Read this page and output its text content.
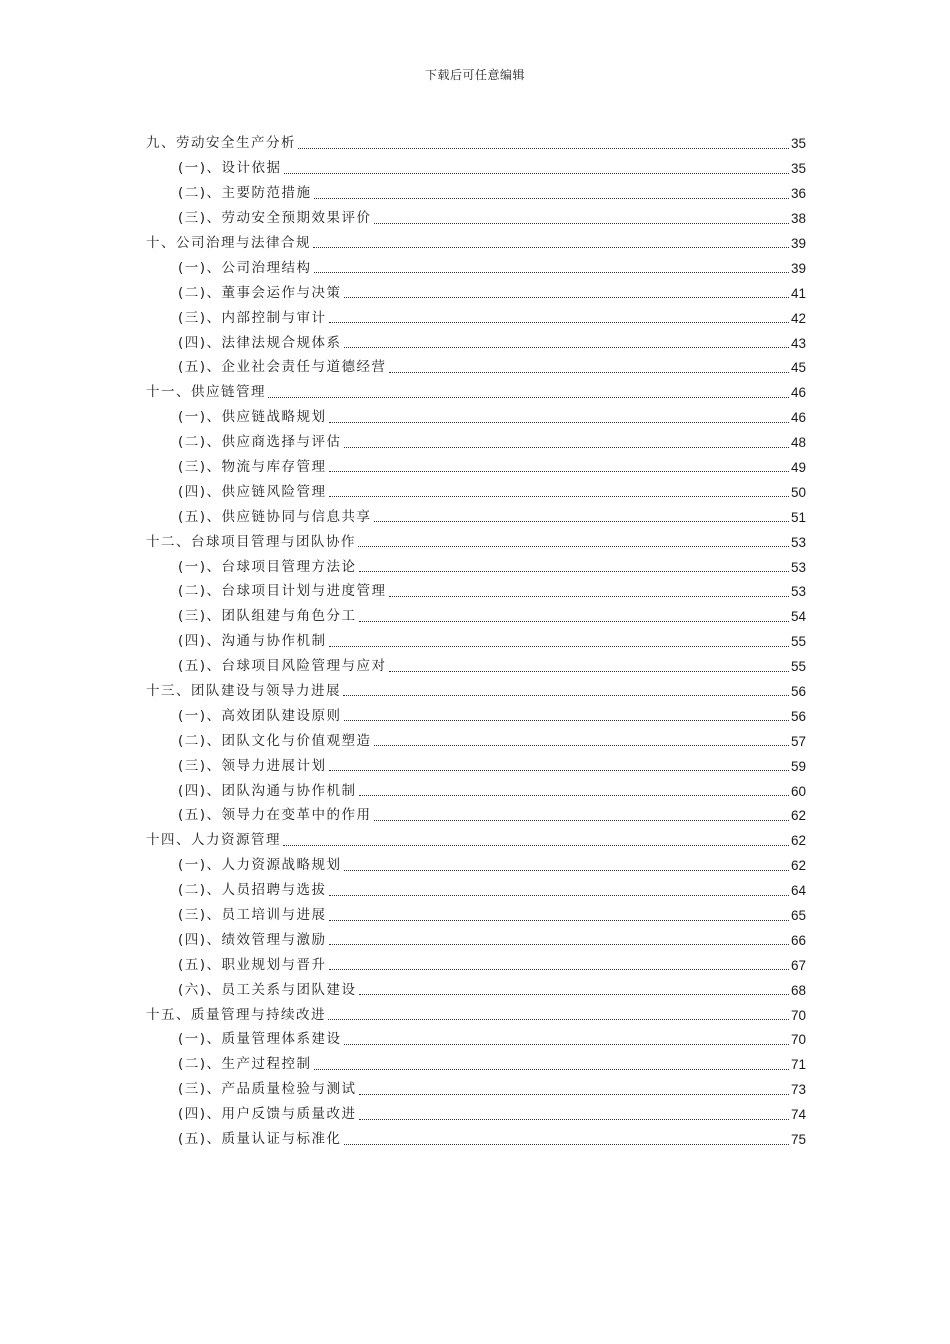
下载后可任意编辑
九、劳动安全生产分析	35
(一)、设计依据	35
(二)、主要防范措施	36
(三)、劳动安全预期效果评价	38
十、公司治理与法律合规	39
(一)、公司治理结构	39
(二)、董事会运作与决策	41
(三)、内部控制与审计	42
(四)、法律法规合规体系	43
(五)、企业社会责任与道德经营	45
十一、供应链管理	46
(一)、供应链战略规划	46
(二)、供应商选择与评估	48
(三)、物流与库存管理	49
(四)、供应链风险管理	50
(五)、供应链协同与信息共享	51
十二、台球项目管理与团队协作	53
(一)、台球项目管理方法论	53
(二)、台球项目计划与进度管理	53
(三)、团队组建与角色分工	54
(四)、沟通与协作机制	55
(五)、台球项目风险管理与应对	55
十三、团队建设与领导力进展	56
(一)、高效团队建设原则	56
(二)、团队文化与价值观塑造	57
(三)、领导力进展计划	59
(四)、团队沟通与协作机制	60
(五)、领导力在变革中的作用	62
十四、人力资源管理	62
(一)、人力资源战略规划	62
(二)、人员招聘与选拔	64
(三)、员工培训与进展	65
(四)、绩效管理与激励	66
(五)、职业规划与晋升	67
(六)、员工关系与团队建设	68
十五、质量管理与持续改进	70
(一)、质量管理体系建设	70
(二)、生产过程控制	71
(三)、产品质量检验与测试	73
(四)、用户反馈与质量改进	74
(五)、质量认证与标准化	75
